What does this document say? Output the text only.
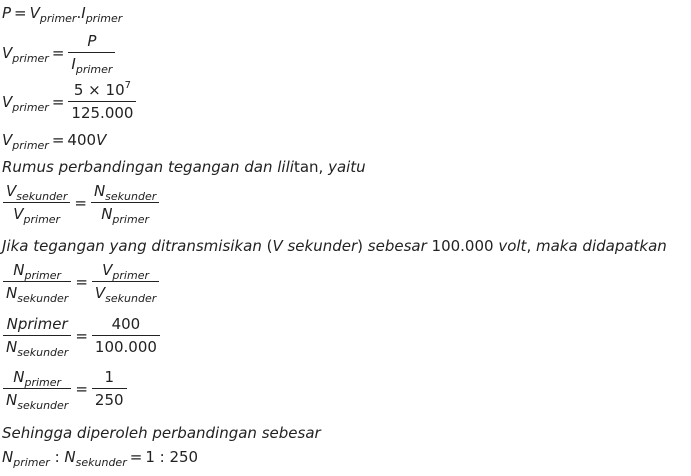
$P = V_{primer}.I_{primer}$
$V_{primer} = \frac{P}{I_{primer}}$
$V_{primer} = \frac{5 \times 10^7}{125.000}$
$V_{primer} = 400V$
Rumus perbandingan tegangan dan lilitan, yaitu
$\frac{V_{sekunder}}{V_{primer}} = \frac{N_{sekunder}}{N_{primer}}$
Jika tegangan yang ditransmisikan (V sekunder) sebesar 100.000 volt, maka didapatkan
$\frac{N_{primer}}{N_{sekunder}} = \frac{V_{primer}}{V_{sekunder}}$
$\frac{\text{Nprimer}}{N_{sekunder}} = \frac{400}{100.000}$
$\frac{N_{primer}}{N_{sekunder}} = \frac{1}{250}$
Sehingga diperoleh perbandingan sebesar
$N_{primer}$ : $N_{sekunder} = 1$ : 250
